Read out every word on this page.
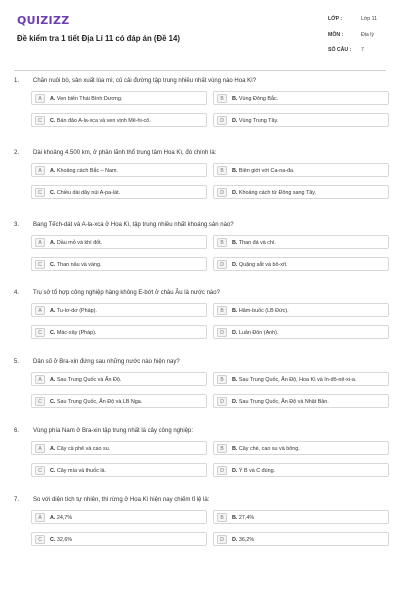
QUIZIZZ
Đề kiểm tra 1 tiết Địa Lí 11 có đáp án (Đề 14)
LỚP :	Lớp 11
MÔN :	Địa lý
SỐ CÂU : 7
1. Chăn nuôi bò, sản xuất lúa mì, củ cải đường tập trung nhiều nhất vùng nào Hoa Kì?
A	A. Ven biển Thái Bình Dương.	B	B. Vùng Đông Bắc.
C	C. Bán đảo A-la-xca và ven vịnh Mê-hi-cô.	D	D. Vùng Trung Tây.
2. Dài khoảng 4.500 km, ở phần lãnh thổ trung tâm Hoa Kì, đó chính là:
A	A. Khoảng cách Bắc – Nam.	B	B. Biên giới với Ca-na-đa.
C	C. Chiều dài dãy núi A-pa-lát.	D	D. Khoảng cách từ Đông sang Tây.
3. Bang Tếch-dát và A-la-xca ở Hoa Kì, tập trung nhiều nhất khoáng sản nào?
A	A. Dầu mỏ và khí đốt.	B	B. Than đá và chì.
C	C. Than nâu và vàng.	D	D. Quặng sắt và bô-xít.
4. Trụ sở tổ hợp công nghiệp hàng không E-bớt ở châu Âu là nước nào?
A	A. Tu-lơ-dơ (Pháp).	B	B. Hăm-buốc (LB Đức).
C	C. Mác-xây (Pháp).	D	D. Luân Đôn (Anh).
5. Dân số ở Bra-xin đứng sau những nước nào hiện nay?
A	A. Sau Trung Quốc và Ấn Độ.	B	B. Sau Trung Quốc, Ấn Độ, Hoa Kì và In-đô-nê-xi-a.
C	C. Sau Trung Quốc, Ấn Độ và LB Nga.	D	D. Sau Trung Quốc, Ấn Độ và Nhật Bản.
6. Vùng phía Nam ở Bra-xin tập trung nhất là cây công nghiệp:
A	A. Cây cà phê và cao su.	B	B. Cây chè, cao su và bông.
C	C. Cây mía và thuốc lá.	D	D. Ý B và C đúng.
7. So với diện tích tự nhiên, thì rừng ở Hoa Kì hiện nay chiếm tỉ lệ là:
A	A. 24,7%	B	B. 27,4%
C	C. 32,6%	D	D. 36,2%
